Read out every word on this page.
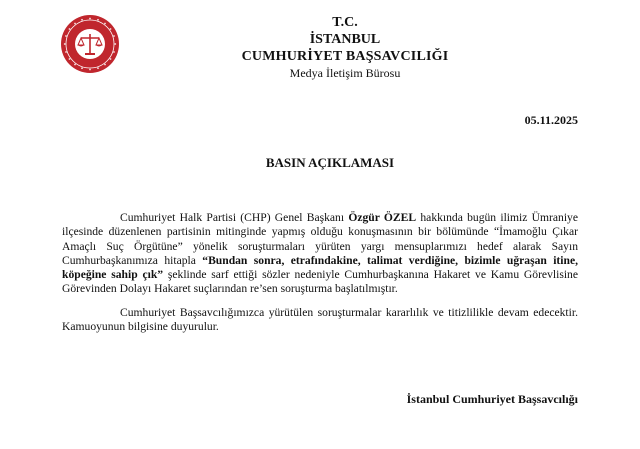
T.C.
İSTANBUL
CUMHURİYET BAŞSAVCILIĞI
Medya İletişim Bürosu
05.11.2025
BASIN AÇIKLAMASI

Cumhuriyet Halk Partisi (CHP) Genel Başkanı Özgür ÖZEL hakkında bugün ilimiz Ümraniye ilçesinde düzenlenen partisinin mitinginde yapmış olduğu konuşmasının bir bölümünde “İmamoğlu Çıkar Amaçlı Suç Örgütüne” yönelik soruşturmaları yürüten yargı mensuplarımızı hedef alarak Sayın Cumhurbaşkanımıza hitapla “Bundan sonra, etrafındakine, talimat verdiğine, bizimle uğraşan itine, köpeğine sahip çık” şeklinde sarf ettiği sözler nedeniyle Cumhurbaşkanına Hakaret ve Kamu Görevlisine Görevinden Dolayı Hakaret suçlarından re’sen soruşturma başlatılmıştır.

Cumhuriyet Başsavcılığımızca yürütülen soruşturmalar kararlılık ve titizlilikle devam edecektir. Kamuoyunun bilgisine duyurulur.

İstanbul Cumhuriyet Başsavcılığı
